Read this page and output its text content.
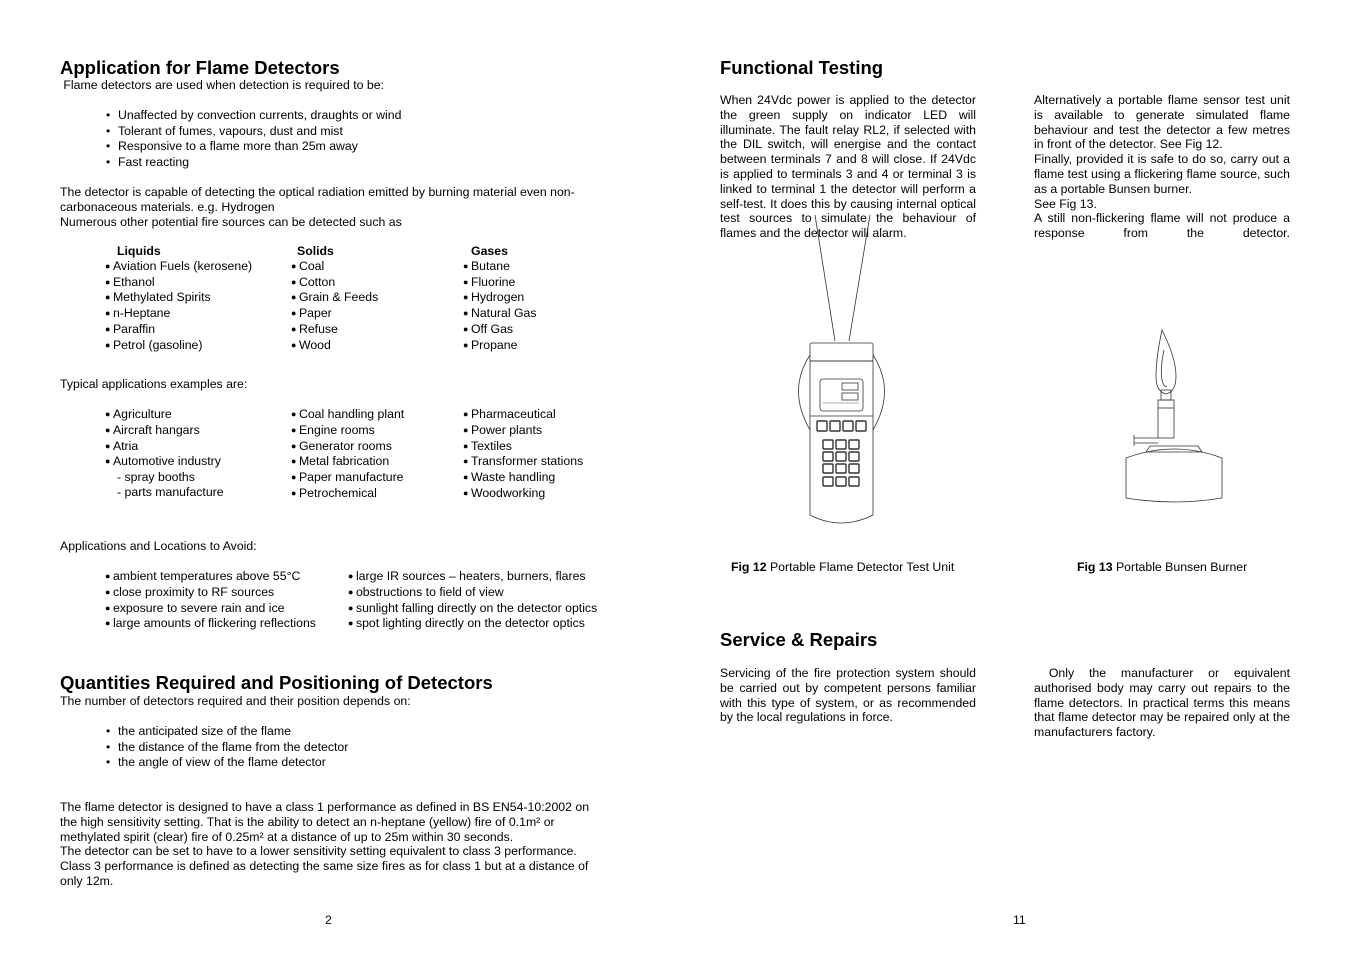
Application for Flame Detectors
Flame detectors are used when detection is required to be:
• Unaffected by convection currents, draughts or wind
• Tolerant of fumes, vapours, dust and mist
• Responsive to a flame more than 25m away
• Fast reacting
The detector is capable of detecting the optical radiation emitted by burning material even non-carbonaceous materials. e.g. Hydrogen
Numerous other potential fire sources can be detected such as
Liquids
● Aviation Fuels (kerosene)
● Ethanol
● Methylated Spirits
● n-Heptane
● Paraffin
● Petrol (gasoline)
Solids
● Coal
● Cotton
● Grain & Feeds
● Paper
● Refuse
● Wood
Gases
● Butane
● Fluorine
● Hydrogen
● Natural Gas
● Off Gas
● Propane
Typical applications examples are:
● Agriculture
● Aircraft hangars
● Atria
● Automotive industry
- spray booths
- parts manufacture
● Coal handling plant
● Engine rooms
● Generator rooms
● Metal fabrication
● Paper manufacture
● Petrochemical
● Pharmaceutical
● Power plants
● Textiles
● Transformer stations
● Waste handling
● Woodworking
Applications and Locations to Avoid:
● ambient temperatures above 55°C
● close proximity to RF sources
● exposure to severe rain and ice
● large amounts of flickering reflections
● large IR sources – heaters, burners, flares
● obstructions to field of view
● sunlight falling directly on the detector optics
● spot lighting directly on the detector optics
Quantities Required and Positioning of Detectors
The number of detectors required and their position depends on:
• the anticipated size of the flame
• the distance of the flame from the detector
• the angle of view of the flame detector
The flame detector is designed to have a class 1 performance as defined in BS EN54-10:2002 on the high sensitivity setting. That is the ability to detect an n-heptane (yellow) fire of 0.1m² or methylated spirit (clear) fire of 0.25m² at a distance of up to 25m within 30 seconds.
The detector can be set to have to a lower sensitivity setting equivalent to class 3 performance. Class 3 performance is defined as detecting the same size fires as for class 1 but at a distance of only 12m.
2
Functional Testing
When 24Vdc power is applied to the detector the green supply on indicator LED will illuminate. The fault relay RL2, if selected with the DIL switch, will energise and the contact between terminals 7 and 8 will close. If 24Vdc is applied to terminals 3 and 4 or terminal 3 is linked to terminal 1 the detector will perform a self-test. It does this by causing internal optical test sources to simulate the behaviour of flames and the detector will alarm.
Alternatively a portable flame sensor test unit is available to generate simulated flame behaviour and test the detector a few metres in front of the detector. See Fig 12.
Finally, provided it is safe to do so, carry out a flame test using a flickering flame source, such as a portable Bunsen burner.
See Fig 13.
A still non-flickering flame will not produce a response from the detector.
Fig 12 Portable Flame Detector Test Unit	Fig 13 Portable Bunsen Burner
Service & Repairs
Servicing of the fire protection system should be carried out by competent persons familiar with this type of system, or as recommended by the local regulations in force.
Only the manufacturer or equivalent authorised body may carry out repairs to the flame detectors. In practical terms this means that flame detector may be repaired only at the manufacturers factory.
11
